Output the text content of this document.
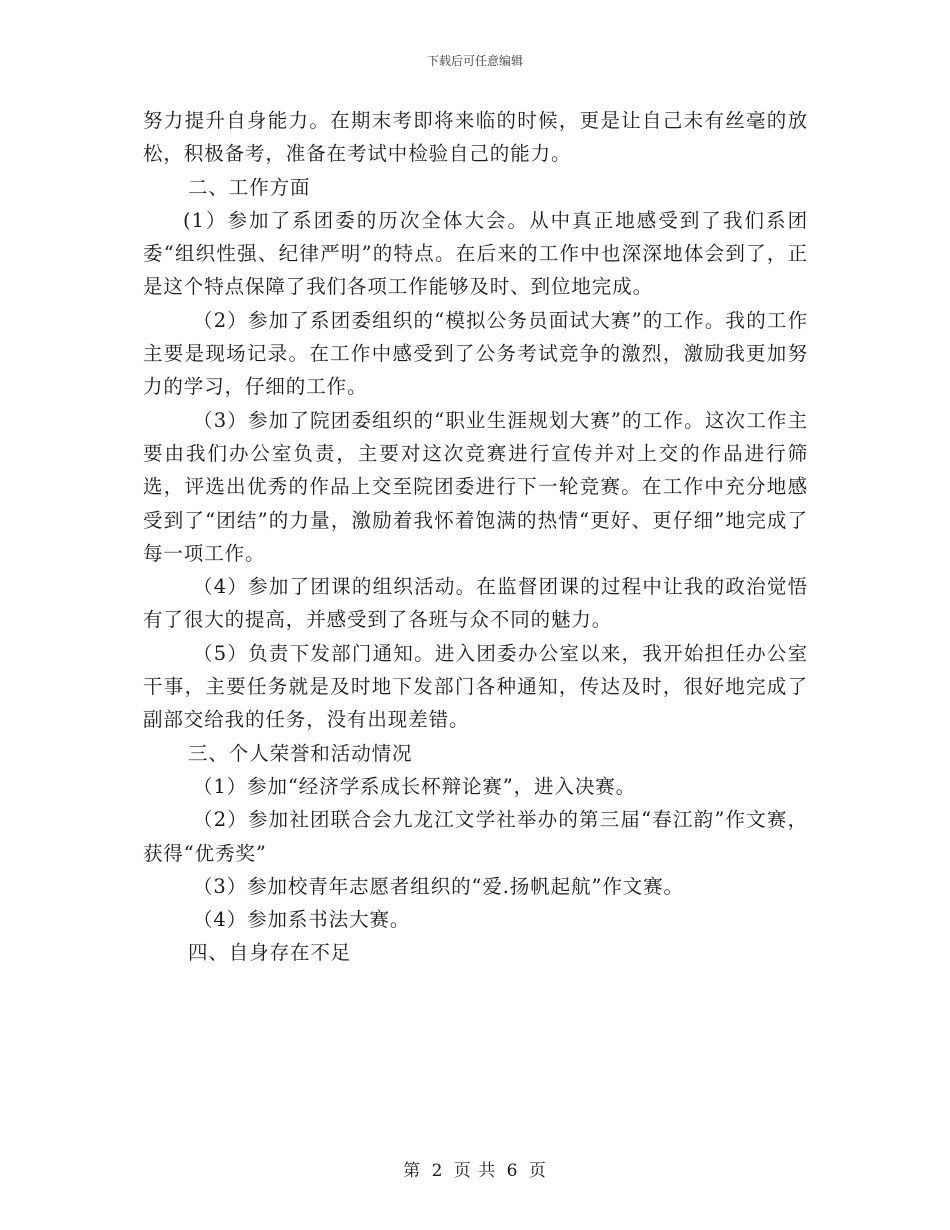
下载后可任意编辑

努力提升自身能力。在期末考即将来临的时候，更是让自己未有丝毫的放松，积极备考，准备在考试中检验自己的能力。

二、工作方面

(1）参加了系团委的历次全体大会。从中真正地感受到了我们系团委“组织性强、纪律严明”的特点。在后来的工作中也深深地体会到了，正是这个特点保障了我们各项工作能够及时、到位地完成。

（2）参加了系团委组织的“模拟公务员面试大赛”的工作。我的工作主要是现场记录。在工作中感受到了公务考试竞争的激烈，激励我更加努力的学习，仔细的工作。

（3）参加了院团委组织的“职业生涯规划大赛”的工作。这次工作主要由我们办公室负责，主要对这次竞赛进行宣传并对上交的作品进行筛选，评选出优秀的作品上交至院团委进行下一轮竞赛。在工作中充分地感受到了“团结”的力量，激励着我怀着饱满的热情“更好、更仔细”地完成了每一项工作。

（4）参加了团课的组织活动。在监督团课的过程中让我的政治觉悟有了很大的提高，并感受到了各班与众不同的魅力。

（5）负责下发部门通知。进入团委办公室以来，我开始担任办公室干事，主要任务就是及时地下发部门各种通知，传达及时，很好地完成了副部交给我的任务，没有出现差错。

三、个人荣誉和活动情况

（1）参加“经济学系成长杯辩论赛”，进入决赛。

（2）参加社团联合会九龙江文学社举办的第三届“春江韵”作文赛，获得“优秀奖”

（3）参加校青年志愿者组织的“爱.扬帆起航”作文赛。

（4）参加系书法大赛。

四、自身存在不足

第 2 页 共 6 页
